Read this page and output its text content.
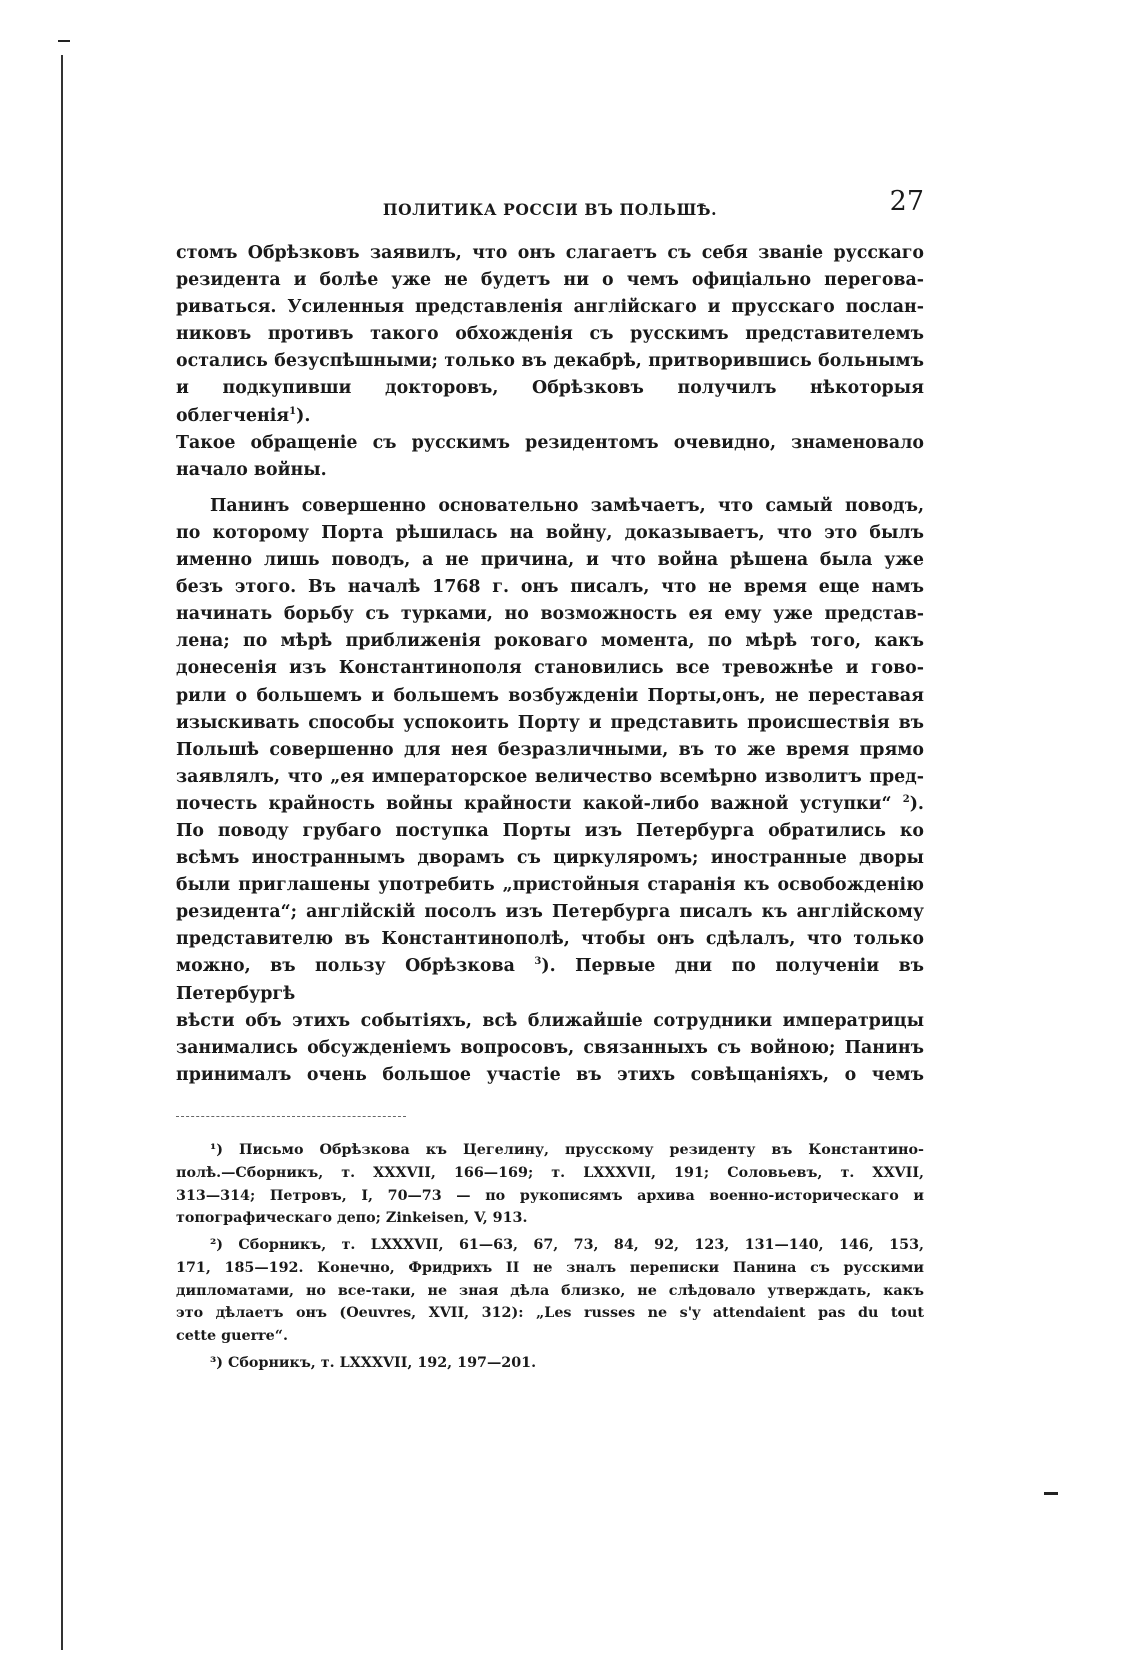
ПОЛИТИКА РОССІИ ВЪ ПОЛЬШѢ.	27

стомъ Обрѣзковъ заявилъ, что онъ слагаетъ съ себя званіе русскаго

резидента и болѣе уже не будетъ ни о чемъ офиціально перегова-

риваться. Усиленныя представленія англійскаго и прусскаго послан-

никовъ противъ такого обхожденія съ русскимъ представителемъ

остались безуспѣшными; только въ декабрѣ, притворившись больнымъ

и подкупивши докторовъ, Обрѣзковъ получилъ нѣкоторыя облегченія$^1$).

Такое обращеніе съ русскимъ резидентомъ очевидно, знаменовало

начало войны.

Панинъ совершенно основательно замѣчаетъ, что самый поводъ,

по которому Порта рѣшилась на войну, доказываетъ, что это былъ

именно лишь поводъ, а не причина, и что война рѣшена была уже

безъ этого. Въ началѣ 1768 г. онъ писалъ, что не время еще намъ

начинать борьбу съ турками, но возможность ея ему уже представ-

лена; по мѣрѣ приближенія роковаго момента, по мѣрѣ того, какъ

донесенія изъ Константинополя становились все тревожнѣе и гово-

рили о большемъ и большемъ возбужденіи Порты,онъ, не переставая

изыскивать способы успокоить Порту и представить происшествія въ

Польшѣ совершенно для нея безразличными, въ то же время прямо

заявлялъ, что „ея императорское величество всемѣрно изволитъ пред-

почесть крайность войны крайности какой-либо важной уступки“ $^2$).

По поводу грубаго поступка Порты изъ Петербурга обратились ко

всѣмъ иностраннымъ дворамъ съ циркуляромъ; иностранные дворы

были приглашены употребить „пристойныя старанія къ освобожденію

резидента“; англійскій посолъ изъ Петербурга писалъ къ англійскому

представителю въ Константинополѣ, чтобы онъ сдѣлалъ, что только

можно, въ пользу Обрѣзкова $^3$). Первые дни по полученіи въ Петербургѣ

вѣсти объ этихъ событіяхъ, всѣ ближайшіе сотрудники императрицы

занимались обсужденіемъ вопросовъ, связанныхъ съ войною; Панинъ

принималъ очень большое участіе въ этихъ совѣщаніяхъ, о чемъ

¹) Письмо Обрѣзкова къ Цегелину, прусскому резиденту въ Константино-

полѣ.—Сборникъ, т. XXXVII, 166—169; т. LXXXVII, 191; Соловьевъ, т. XXVII,

313—314; Петровъ, I, 70—73 — по рукописямъ архива военно-историческаго и

топографическаго депо; Zinkeisen, V, 913.

²) Сборникъ, т. LXXXVII, 61—63, 67, 73, 84, 92, 123, 131—140, 146, 153,

171, 185—192. Конечно, Фридрихъ II не зналъ переписки Панина съ русскими

дипломатами, но все-таки, не зная дѣла близко, не слѣдовало утверждать, какъ

это дѣлаетъ онъ (Oeuvres, XVII, 312): „Les russes ne s'y attendaient pas du tout

cette guerre“.

³) Сборникъ, т. LXXXVII, 192, 197—201.
